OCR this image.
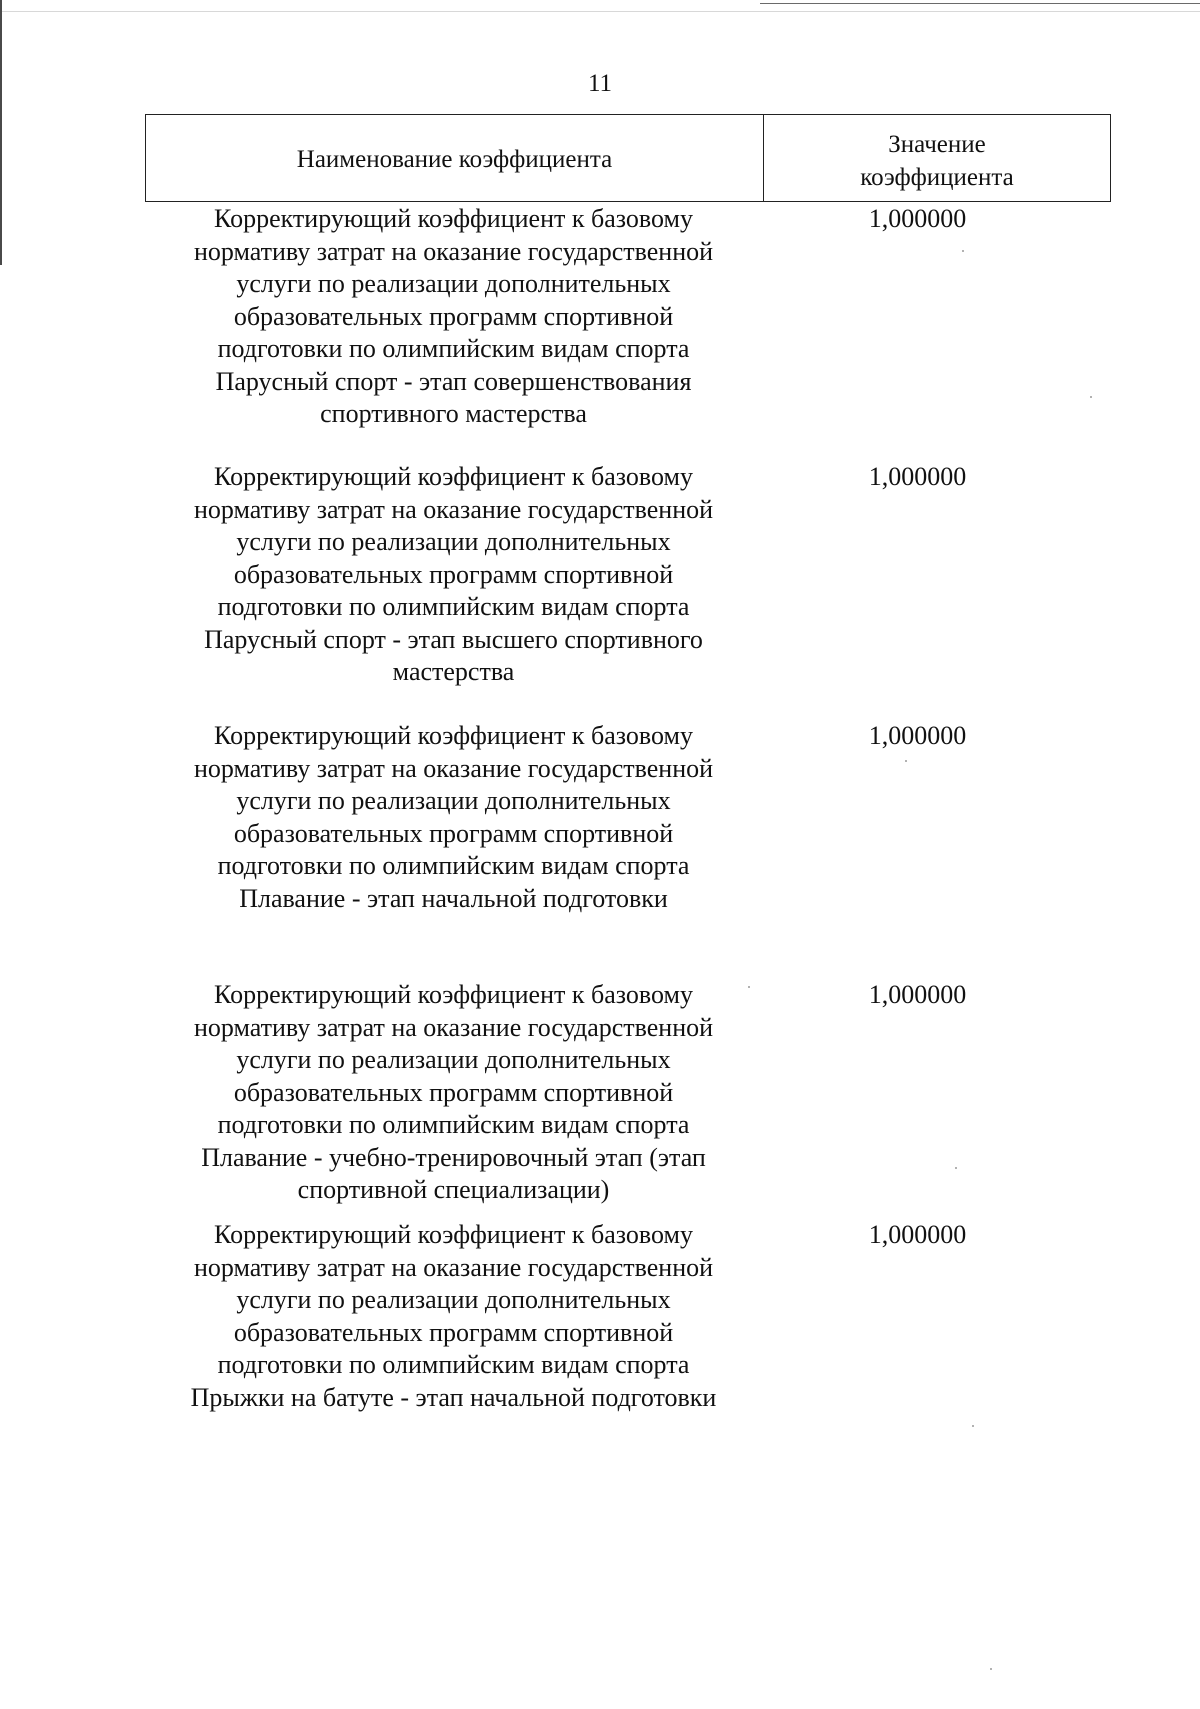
11
Наименование коэффициента
Значение
коэффициента
Корректирующий коэффициент к базовому
нормативу затрат на оказание государственной
услуги по реализации дополнительных
образовательных программ спортивной
подготовки по олимпийским видам спорта
Парусный спорт - этап совершенствования
спортивного мастерства
1,000000
Корректирующий коэффициент к базовому
нормативу затрат на оказание государственной
услуги по реализации дополнительных
образовательных программ спортивной
подготовки по олимпийским видам спорта
Парусный спорт - этап высшего спортивного
мастерства
1,000000
Корректирующий коэффициент к базовому
нормативу затрат на оказание государственной
услуги по реализации дополнительных
образовательных программ спортивной
подготовки по олимпийским видам спорта
Плавание - этап начальной подготовки
1,000000
Корректирующий коэффициент к базовому
нормативу затрат на оказание государственной
услуги по реализации дополнительных
образовательных программ спортивной
подготовки по олимпийским видам спорта
Плавание - учебно-тренировочный этап (этап
спортивной специализации)
1,000000
Корректирующий коэффициент к базовому
нормативу затрат на оказание государственной
услуги по реализации дополнительных
образовательных программ спортивной
подготовки по олимпийским видам спорта
Прыжки на батуте - этап начальной подготовки
1,000000
